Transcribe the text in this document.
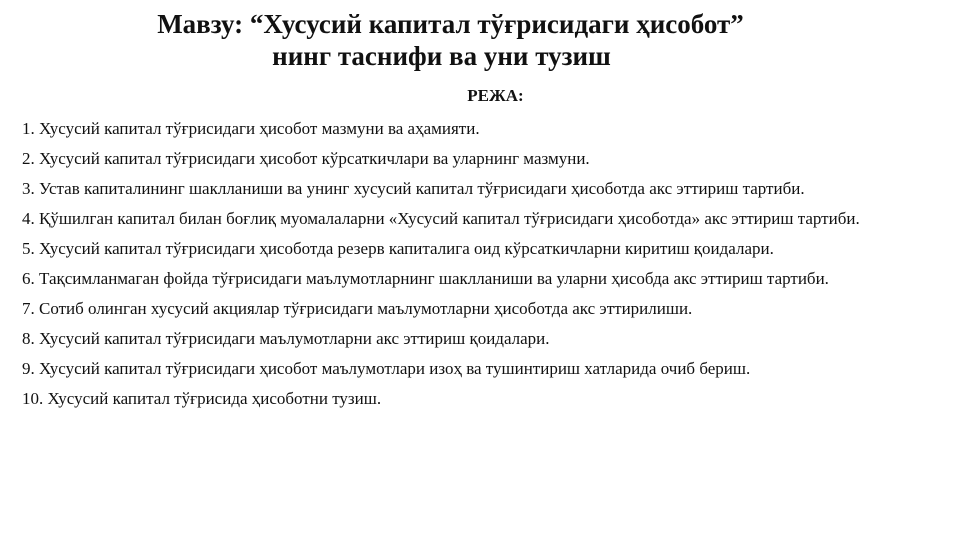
Мавзу: “Хусусий капитал тўғрисидаги ҳисобот”
нинг таснифи ва уни тузиш
РЕЖА:
1. Хусусий капитал тўғрисидаги ҳисобот мазмуни ва аҳамияти.
2. Хусусий капитал тўғрисидаги ҳисобот кўрсаткичлари ва уларнинг мазмуни.
3. Устав капиталининг шаклланиши ва унинг хусусий капитал тўғрисидаги ҳисоботда акс эттириш тартиби.
4. Қўшилган капитал билан боғлиқ муомалаларни «Хусусий капитал тўғрисидаги ҳисоботда» акс эттириш тартиби.
5. Хусусий капитал тўғрисидаги ҳисоботда резерв капиталига оид кўрсаткичларни киритиш қоидалари.
6. Тақсимланмаган фойда тўғрисидаги маълумотларнинг шаклланиши ва уларни ҳисобда акс эттириш тартиби.
7. Сотиб олинган хусусий акциялар тўғрисидаги маълумотларни ҳисоботда акс эттирилиши.
8. Хусусий капитал тўғрисидаги маълумотларни акс эттириш қоидалари.
9. Хусусий капитал тўғрисидаги ҳисобот маълумотлари изоҳ ва тушинтириш хатларида очиб бериш.
10. Хусусий капитал тўғрисида ҳисоботни тузиш.
